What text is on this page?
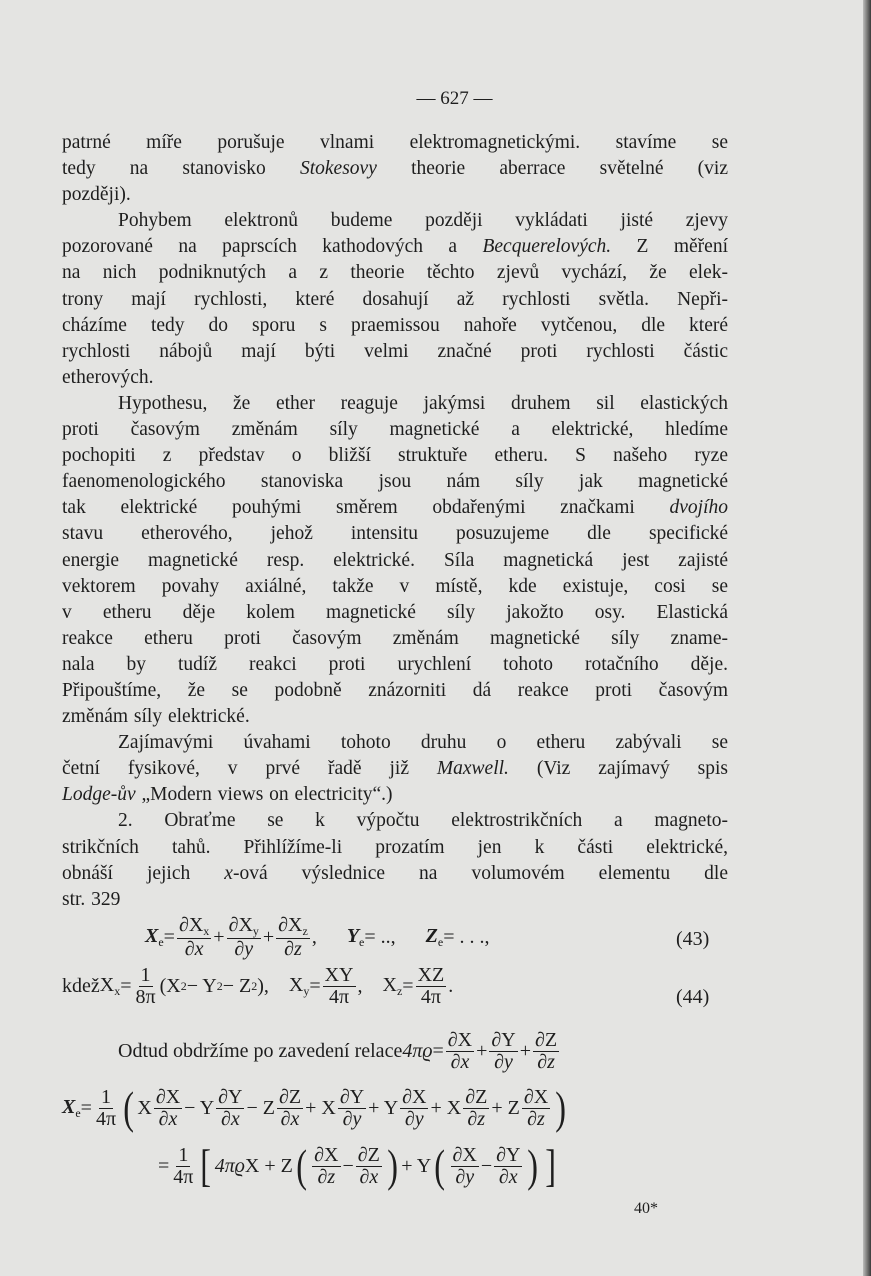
— 627 —
patrné míře porušuje vlnami elektromagnetickými. stavíme se
tedy na stanovisko Stokesovy theorie aberrace světelné (viz
později).
Pohybem elektronů budeme později vykládati jisté zjevy
pozorované na paprscích kathodových a Becquerelových. Z měření
na nich podniknutých a z theorie těchto zjevů vychází, že elek-
trony mají rychlosti, které dosahují až rychlosti světla. Nepři-
cházíme tedy do sporu s praemissou nahoře vytčenou, dle které
rychlosti nábojů mají býti velmi značné proti rychlosti částic
etherových.
Hypothesu, že ether reaguje jakýmsi druhem sil elastických
proti časovým změnám síly magnetické a elektrické, hledíme
pochopiti z představ o bližší struktuře etheru. S našeho ryze
faenomenologického stanoviska jsou nám síly jak magnetické
tak elektrické pouhými směrem obdařenými značkami dvojího
stavu etherového, jehož intensitu posuzujeme dle specifické
energie magnetické resp. elektrické. Síla magnetická jest zajisté
vektorem povahy axiálné, takže v místě, kde existuje, cosi se
v etheru děje kolem magnetické síly jakožto osy. Elastická
reakce etheru proti časovým změnám magnetické síly zname-
nala by tudíž reakci proti urychlení tohoto rotačního děje.
Připouštíme, že se podobně znázorniti dá reakce proti časovým
změnám síly elektrické.
Zajímavými úvahami tohoto druhu o etheru zabývali se
četní fysikové, v prvé řadě již Maxwell. (Viz zajímavý spis
Lodge-ův „Modern views on electricity“.)
2. Obraťme se k výpočtu elektrostrikčních a magneto-
strikčních tahů. Přihlížíme-li prozatím jen k části elektrické,
obnáší jejich x-ová výslednice na volumovém elementu dle
str. 329
$X_e = \frac{\partial X_x}{\partial x} + \frac{\partial X_y}{\partial y} + \frac{\partial X_z}{\partial z}$ , $Y_e$ = .., $Z_e$ = . . .,	(43)
kdež $X_x = \frac{1}{8\pi} (X$ 2 − Y 2 − Z 2 ), $X_y = \frac{XY}{4\pi}$ , $X_z = \frac{XZ}{4\pi}$ .	(44)
Odtud obdržíme po zavedení relace $4\pi ϱ = \frac{\partial X}{\partial x} + \frac{\partial Y}{\partial y} + \frac{\partial Z}{\partial z}$
$X_e = \frac{1}{4\pi}$ ( X $\frac{\partial X}{\partial x} - Y \frac{\partial Y}{\partial x} - Z \frac{\partial Z}{\partial x} + X \frac{\partial Y}{\partial y} + Y \frac{\partial X}{\partial y} + X \frac{\partial Z}{\partial z} + Z \frac{\partial X}{\partial z}$ )
= $\frac{1}{4\pi}$ [ 4πϱ X + Z ( $\frac{\partial X}{\partial z} - \frac{\partial Z}{\partial x}$ ) + Y ( $\frac{\partial X}{\partial y} - \frac{\partial Y}{\partial x}$ ) ]
40*
